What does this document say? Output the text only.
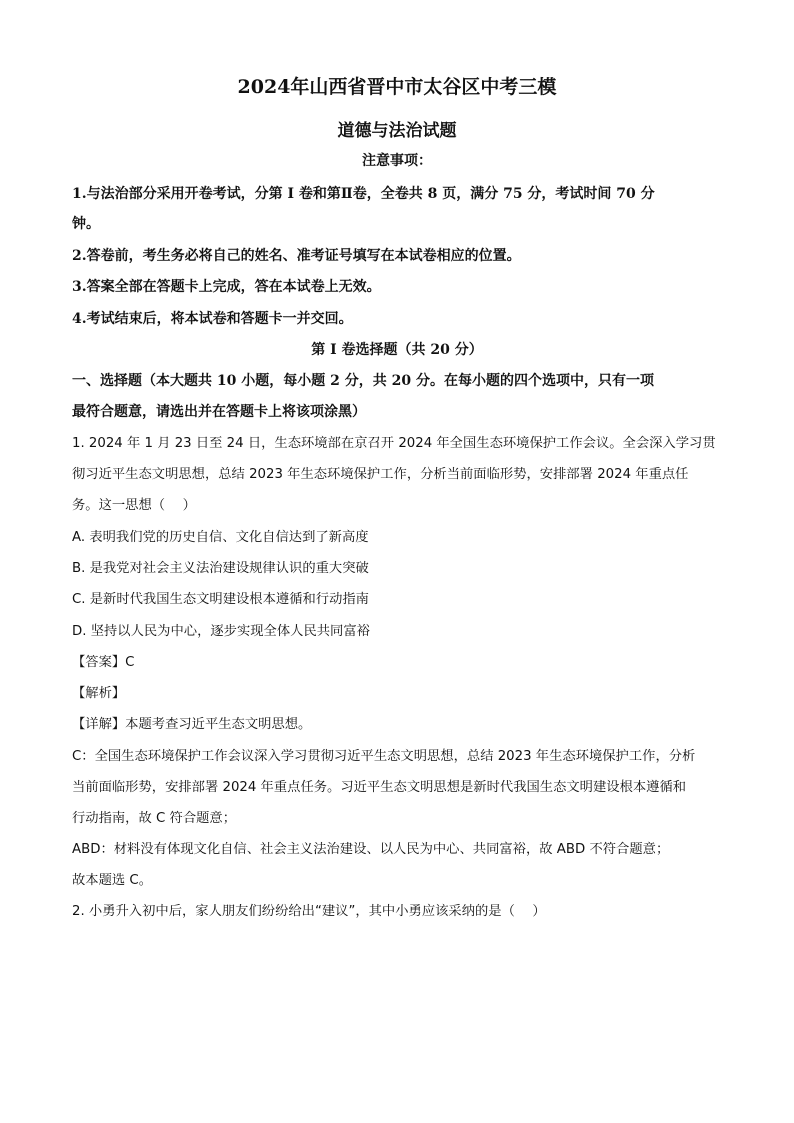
2024年山西省晋中市太谷区中考三模
道德与法治试题
注意事项：
1.与法治部分采用开卷考试，分第 I 卷和第Ⅱ卷，全卷共 8 页，满分 75 分，考试时间 70 分
钟。
2.答卷前，考生务必将自己的姓名、准考证号填写在本试卷相应的位置。
3.答案全部在答题卡上完成，答在本试卷上无效。
4.考试结束后，将本试卷和答题卡一并交回。
第 I 卷选择题（共 20 分）
一、选择题（本大题共 10 小题，每小题 2 分，共 20 分。在每小题的四个选项中，只有一项
最符合题意，请选出并在答题卡上将该项涂黑）
1. 2024 年 1 月 23 日至 24 日，生态环境部在京召开 2024 年全国生态环境保护工作会议。全会深入学习贯
彻习近平生态文明思想，总结 2023 年生态环境保护工作，分析当前面临形势，安排部署 2024 年重点任
务。这一思想（　 ）
A. 表明我们党的历史自信、文化自信达到了新高度
B. 是我党对社会主义法治建设规律认识的重大突破
C. 是新时代我国生态文明建设根本遵循和行动指南
D. 坚持以人民为中心，逐步实现全体人民共同富裕
【答案】C
【解析】
【详解】本题考查习近平生态文明思想。
C：全国生态环境保护工作会议深入学习贯彻习近平生态文明思想，总结 2023 年生态环境保护工作，分析
当前面临形势，安排部署 2024 年重点任务。习近平生态文明思想是新时代我国生态文明建设根本遵循和
行动指南，故 C 符合题意；
ABD：材料没有体现文化自信、社会主义法治建设、以人民为中心、共同富裕，故 ABD 不符合题意；
故本题选 C。
2. 小勇升入初中后，家人朋友们纷纷给出“建议”，其中小勇应该采纳的是（　 ）
